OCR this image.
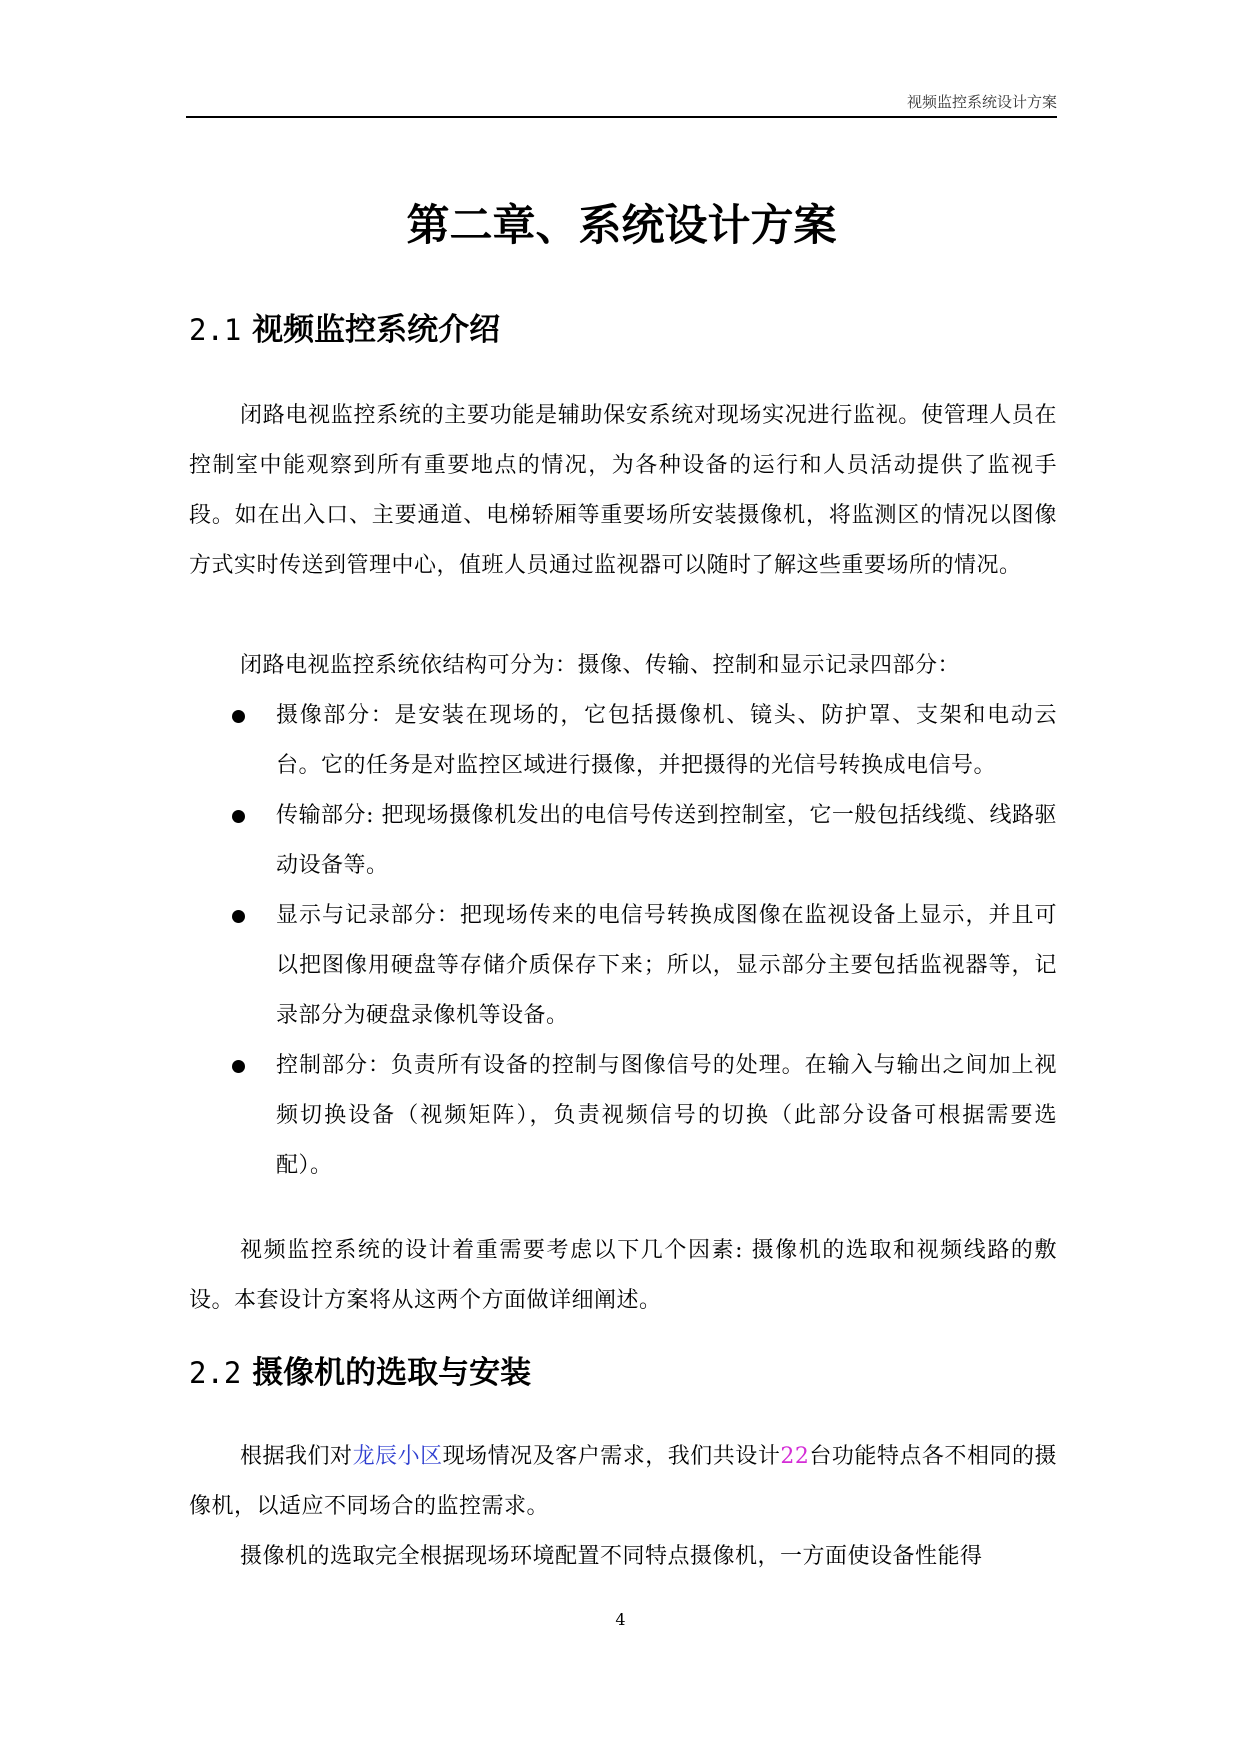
视频监控系统设计方案
第二章、系统设计方案
2.1 视频监控系统介绍

闭路电视监控系统的主要功能是辅助保安系统对现场实况进行监视。使管理人员在控制室中能观察到所有重要地点的情况，为各种设备的运行和人员活动提供了监视手段。如在出入口、主要通道、电梯轿厢等重要场所安装摄像机，将监测区的情况以图像方式实时传送到管理中心，值班人员通过监视器可以随时了解这些重要场所的情况。

闭路电视监控系统依结构可分为：摄像、传输、控制和显示记录四部分：

摄像部分：是安装在现场的，它包括摄像机、镜头、防护罩、支架和电动云台。它的任务是对监控区域进行摄像，并把摄得的光信号转换成电信号。
传输部分: 把现场摄像机发出的电信号传送到控制室，它一般包括线缆、线路驱动设备等。
显示与记录部分：把现场传来的电信号转换成图像在监视设备上显示，并且可以把图像用硬盘等存储介质保存下来；所以，显示部分主要包括监视器等，记录部分为硬盘录像机等设备。
控制部分：负责所有设备的控制与图像信号的处理。在输入与输出之间加上视频切换设备（视频矩阵），负责视频信号的切换（此部分设备可根据需要选配）。

视频监控系统的设计着重需要考虑以下几个因素: 摄像机的选取和视频线路的敷设。本套设计方案将从这两个方面做详细阐述。

2.2 摄像机的选取与安装

根据我们对龙辰小区现场情况及客户需求，我们共设计22台功能特点各不相同的摄像机，以适应不同场合的监控需求。

摄像机的选取完全根据现场环境配置不同特点摄像机，一方面使设备性能得

4
